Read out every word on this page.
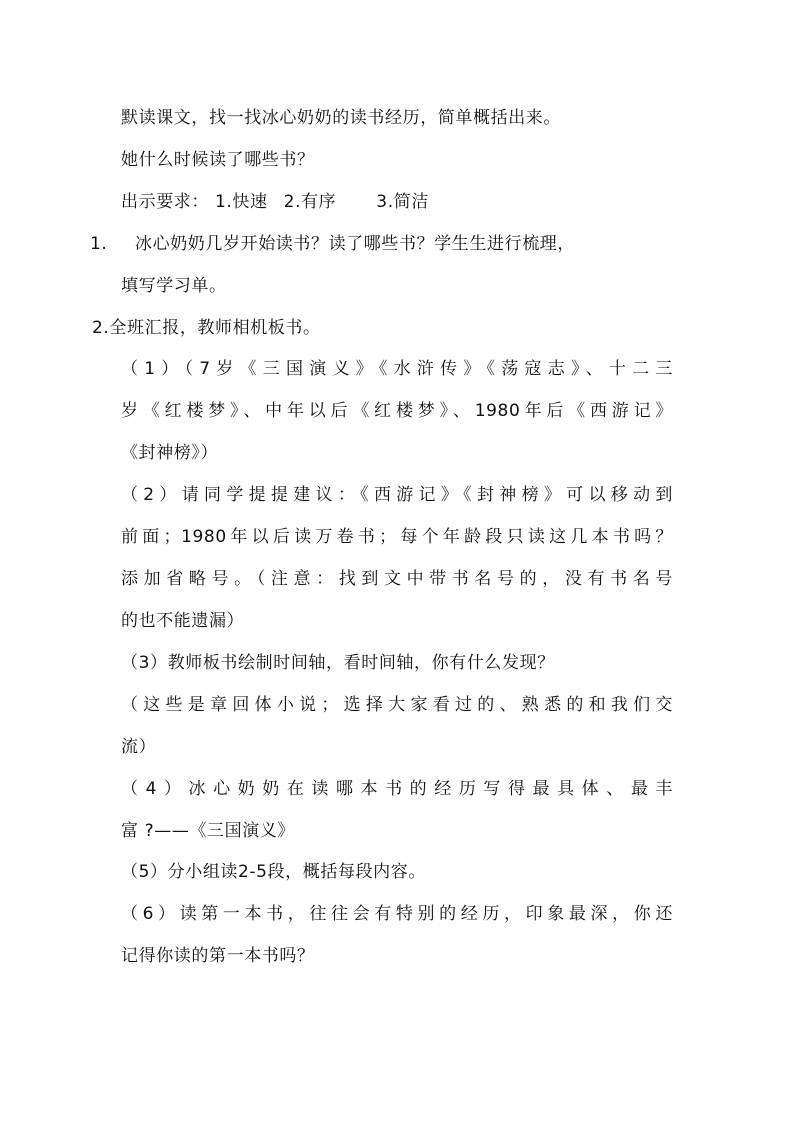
默读课文，找一找冰心奶奶的读书经历，简单概括出来。
她什么时候读了哪些书？
出示要求： 1.快速 2.有序 3.简洁
1. 冰心奶奶几岁开始读书？读了哪些书？学生生进行梳理，
填写学习单。
2.全班汇报，教师相机板书。
（1）（7岁《三国演义》《水浒传》《荡寇志》、十二三
岁《红楼梦》、中年以后《红楼梦》、1980年后《西游记》
《封神榜》）
（2）请同学提提建议：《西游记》《封神榜》可以移动到
前面；1980年以后读万卷书；每个年龄段只读这几本书吗？
添加省略号。（注意：找到文中带书名号的，没有书名号
的也不能遗漏）
（3）教师板书绘制时间轴，看时间轴，你有什么发现？
（这些是章回体小说；选择大家看过的、熟悉的和我们交
流）
（4）冰心奶奶在读哪本书的经历写得最具体、最丰
富 ?——《三国演义》
（5）分小组读2-5段，概括每段内容。
（6）读第一本书，往往会有特别的经历，印象最深，你还
记得你读的第一本书吗？
